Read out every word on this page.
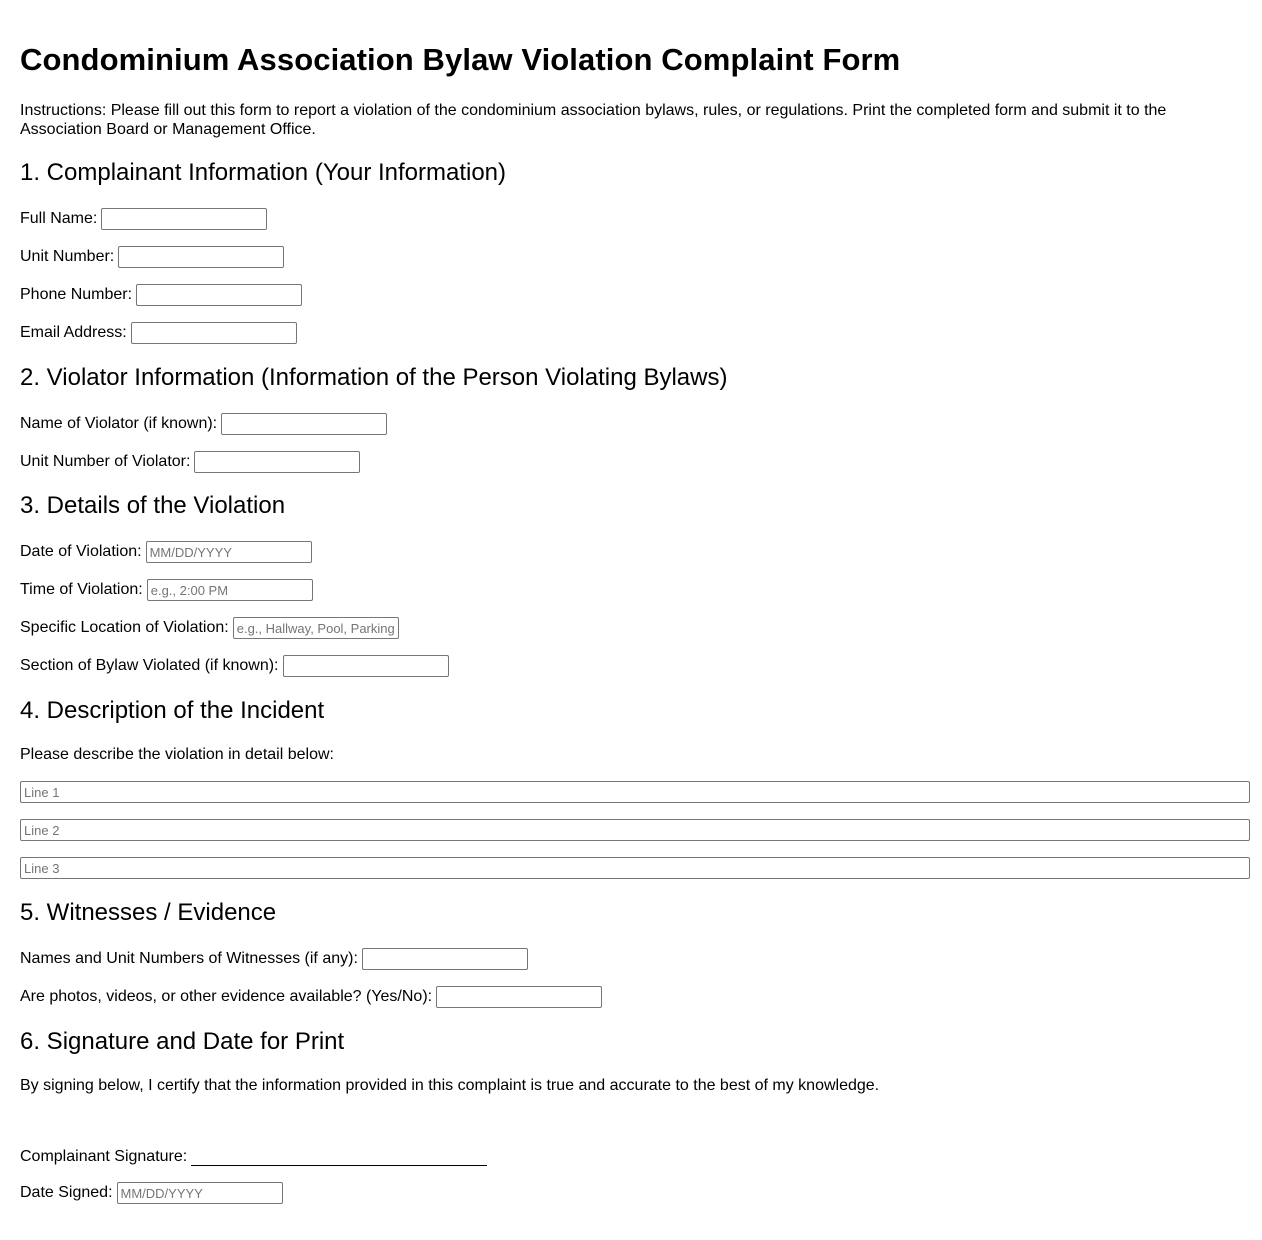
Condominium Association Bylaw Violation Complaint Form

Instructions: Please fill out this form to report a violation of the condominium association bylaws, rules, or regulations. Print the completed form and submit it to the Association Board or Management Office.

1. Complainant Information (Your Information)
Full Name:
Unit Number:
Phone Number:
Email Address:
2. Violator Information (Information of the Person Violating Bylaws)
Name of Violator (if known):
Unit Number of Violator:
3. Details of the Violation
Date of Violation:
MM/DD/YYYY
Time of Violation:
e.g., 2:00 PM
Specific Location of Violation:
e.g., Hallway, Pool, Parking
Section of Bylaw Violated (if known):
4. Description of the Incident

Please describe the violation in detail below:

Line 1
Line 2
Line 3
5. Witnesses / Evidence
Names and Unit Numbers of Witnesses (if any):
Are photos, videos, or other evidence available? (Yes/No):
6. Signature and Date for Print

By signing below, I certify that the information provided in this complaint is true and accurate to the best of my knowledge.

Complainant Signature:
Date Signed:
MM/DD/YYYY
